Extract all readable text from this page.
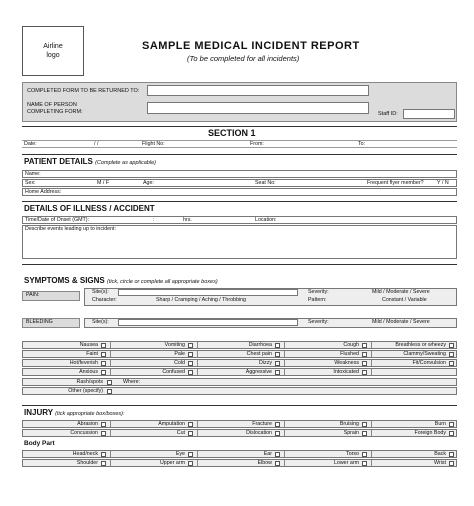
Airline
logo
SAMPLE MEDICAL INCIDENT REPORT
(To be completed for all incidents)
COMPLETED FORM TO BE RETURNED TO:
NAME OF PERSON
COMPLETING FORM:	Staff ID:
SECTION 1
Date:	/ /	Flight No:	From:	To:
PATIENT DETAILS (Complete as applicable)
Name:
Sex:	M / F	Age:	Seat No:	Frequent flyer member?	Y / N
Home Address:
DETAILS OF ILLNESS / ACCIDENT
Time/Date of Onset (GMT):	:	hrs.	Location:
Describe events leading up to incident:
SYMPTOMS & SIGNS (tick, circle or complete all appropriate boxes)
PAIN:	Site(s):	Severity:	Mild / Moderate / Severe
Character:	Sharp / Cramping / Aching / Throbbing	Pattern:	Constant / Variable
BLEEDING	Site(s):	Severity:	Mild / Moderate / Severe
Nausea	Vomiting	Diarrhoea	Cough	Breathless or wheezy
Faint	Pale	Chest pain	Flushed	Clammy/Sweating
Hot/feverish	Cold	Dizzy	Weakness	Fit/Convulsion
Anxious	Confused	Aggressive	Intoxicated
Rash/spots	Where:
Other (specify)
INJURY (tick appropriate box/boxes):
Abrasion	Amputation	Fracture	Bruising	Burn
Concussion	Cut	Dislocation	Sprain	Foreign Body
Body Part
Head/neck	Eye	Ear	Torso	Back
Shoulder	Upper arm	Elbow	Lower arm	Wrist
